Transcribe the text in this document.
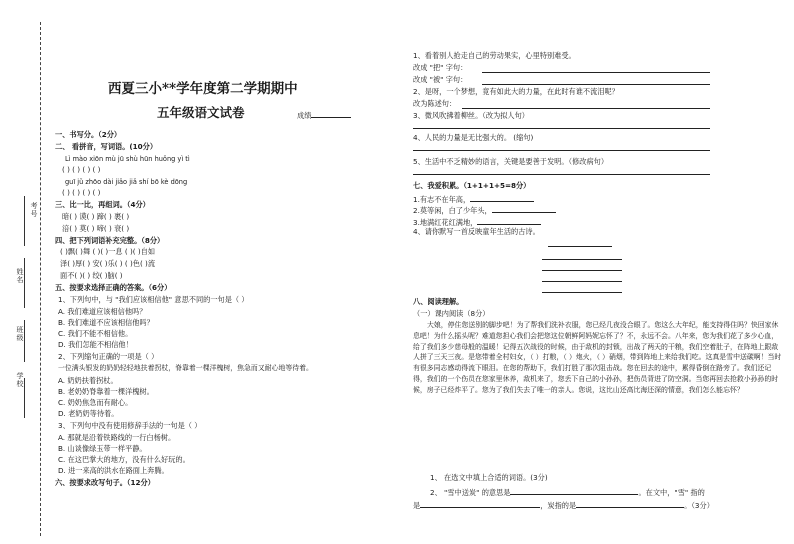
考号
姓名
班级
学校
西夏三小**学年度第二学期期中
五年级语文试卷	成绩
一、书写分。（2分）
二、 看拼音，写词语。(10分）
Lì mào xiōn mù jū shù hūn huǒng yì tì
( ) ( ) ( ) ( )
guī jǔ zhōo dài jiǎo jiǎ shí bō kè dōng
( ) ( ) ( ) ( )
三、比一比，再组词。（4分）
暗( ) 谟( ) 蹄( ) 裹( )
涪( ) 莫( ) 啼( ) 衰( )
四、把下列词语补充完整。（8分）
( )飘( )舞 ( )( )一息 ( )( )自如
泽( )厚( ) 安( )乐( ) ( )色( )流
面不( )( ) 绞( )脑( )
五、按要求选择正确的答案。（6分）
1、下列句中，与 "我们应该相信他" 意思不同的一句是（ ）
A. 我们难道应该相信他吗？
B. 我们难道不应该相信他吗？
C. 我们不能不相信他。
D. 我们怎能不相信他！
2、下列缩句正确的一项是（ ）
一位满头银发的奶奶轻轻地扶着拐杖，脊靠着一棵洋槐树，焦急而又耐心地等待着。
A. 奶奶扶着拐杖。
B. 老奶奶脊靠着一棵洋槐树。
C. 奶奶焦急而有耐心。
D. 老奶奶等待着。
3、下列句中没有使用修辞手法的一句是（ ）
A. 那就是沿着铁路线的一行白杨树。
B. 山谈像绿玉带一样平静。
C. 在这巴掌大的地方，没有什么好玩的。
D. 进一来高的洪水在路面上奔腾。
六、按要求改写句子。（12分）
1、看着别人抢走自己的劳动果实，心里特别难受。
改成 "把" 字句：
改成 "被" 字句：
2、是呀，一个梦想，竟有如此大的力量，在此时有谁不流泪呢？
改为陈述句：
3、微风吹拂着柳丝。（改为拟人句）
4、人民的力量是无比强大的。 (缩句)
5、生活中不乏精妙的语言，关键是要善于发明。（修改病句）
七、我爱积累。（1+1+1+5=8分）
1.有志不在年高，
2.莫等闲，白了少年头，
3.地满红花红满地，
4、请你默写一首反映童年生活的古诗。
八、阅读理解。
（一）课内阅读（8分）
大娘，停住您送别的脚步吧！为了帮我们洗补衣服，您已经几夜没合眼了。您这么大年纪，能支持得住吗？快回家休息吧！为什么摇头呢？难道您担心我们会把您这位朝鲜阿妈妮忘怀了？不，永远不会。八年来，您为我们花了多少心血，给了我们多少慈母般的温暖！记得五次战役的时候，由于敌机的封锁，出战了两天的干粮，我们空着肚子，在阵地上跟敌人拼了三天三夜。是您带着全村妇女，（ ）打粮，（ ）炮火，（ ）硝烟，带到阵地上来给我们吃。这真是雪中送碳啊！当时有很多同志感动得流下眼泪。在您的帮助下，我们打胜了那次阻击战。您在回去的途中，累得昏倒在路旁了。我们还记得，我们的一个伤员在您家里休养，敌机来了，您丢下自己的小孙孙，把伤员背进了防空洞。当您再回去抢救小孙孙的时候，房子已经炸平了。您为了我们失去了唯一的亲人。您说，这比山还高比海还深的情意，我们怎么能忘怀？
1、 在选文中填上合适的词语。(3分)
2、 "雪中送炭" 的意思是	。在文中，"雪" 指的
是	，炭指的是	。（3分）
